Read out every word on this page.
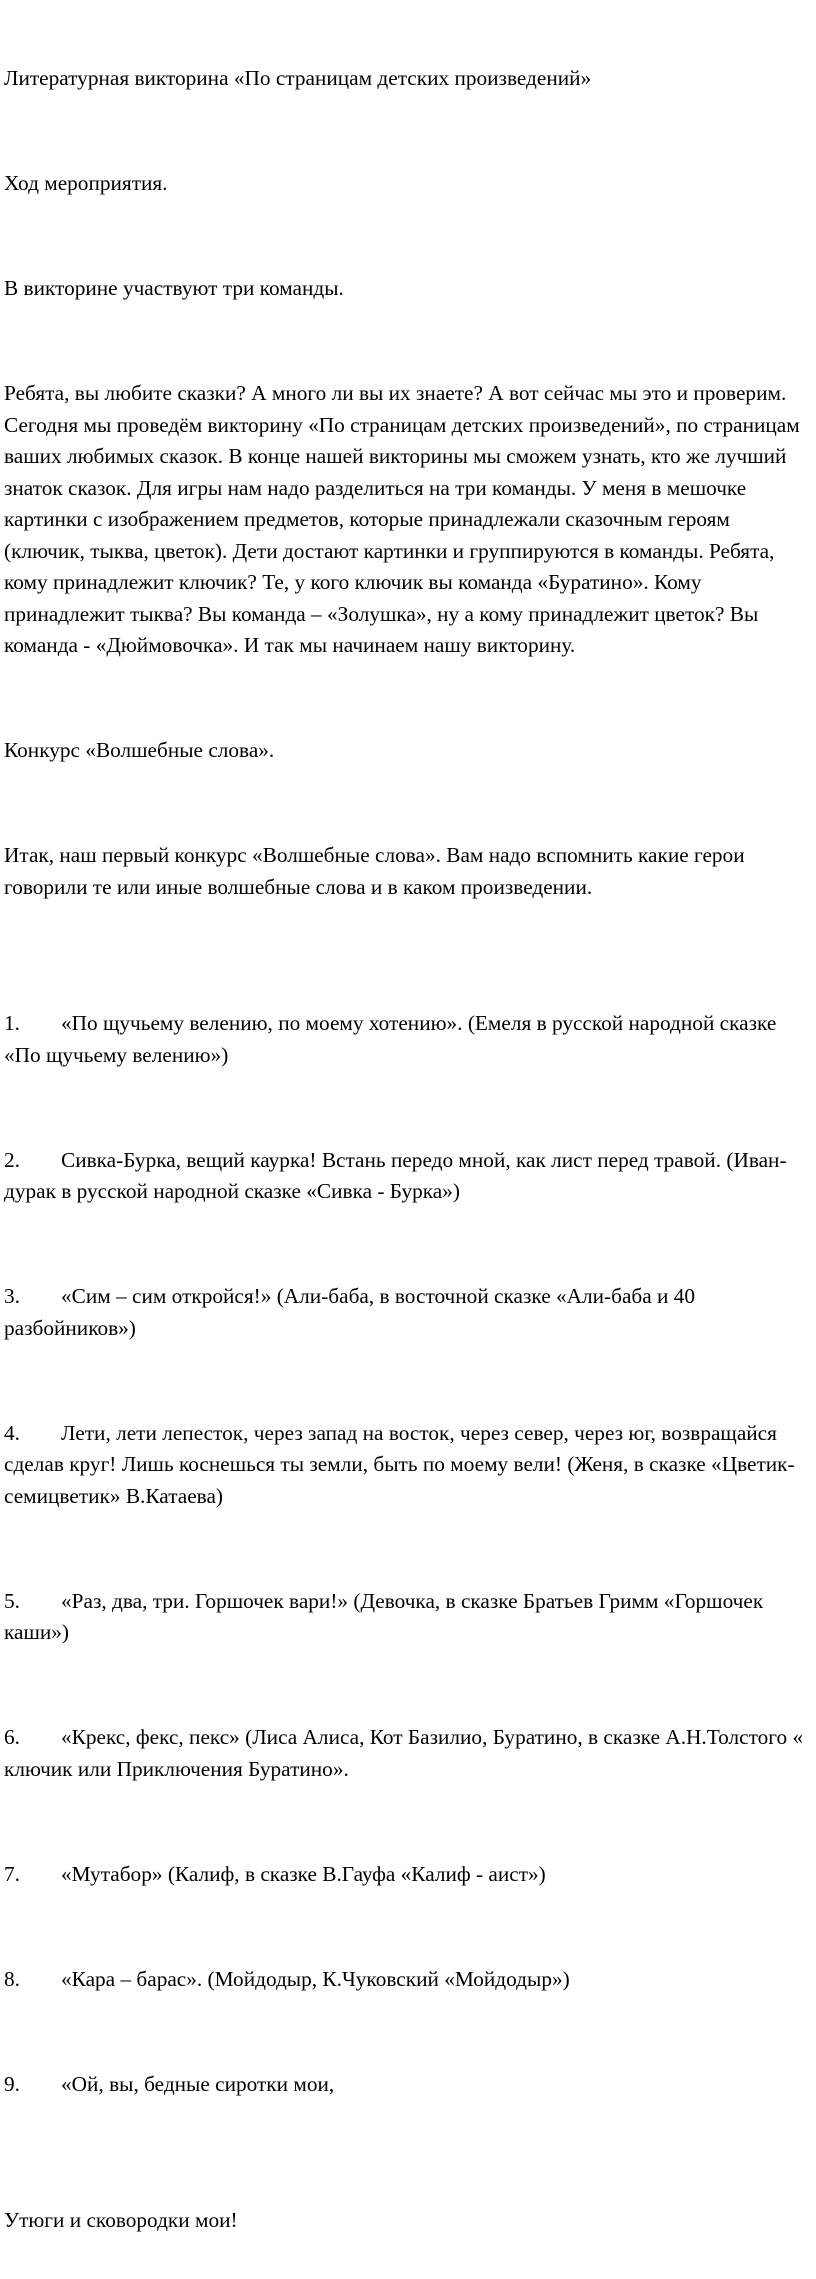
Литературная викторина «По страницам детских произведений»

Ход мероприятия.

В викторине участвуют три команды.

Ребята, вы любите сказки? А много ли вы их знаете? А вот сейчас мы это и проверим. Сегодня мы проведём викторину «По страницам детских произведений», по страницам ваших любимых сказок. В конце нашей викторины мы сможем узнать, кто же лучший знаток сказок. Для игры нам надо разделиться на три команды. У меня в мешочке картинки с изображением предметов, которые принадлежали сказочным героям (ключик, тыква, цветок). Дети достают картинки и группируются в команды. Ребята, кому принадлежит ключик? Те, у кого ключик вы команда «Буратино». Кому принадлежит тыква? Вы команда – «Золушка», ну а кому принадлежит цветок? Вы команда - «Дюймовочка». И так мы начинаем нашу викторину.

Конкурс «Волшебные слова».

Итак, наш первый конкурс «Волшебные слова». Вам надо вспомнить какие герои говорили те или иные волшебные слова и в каком произведении.

1. «По щучьему велению, по моему хотению». (Емеля в русской народной сказке «По щучьему велению»)

2. Сивка-Бурка, вещий каурка! Встань передо мной, как лист перед травой. (Иван-дурак в русской народной сказке «Сивка - Бурка»)

3. «Сим – сим откройся!» (Али-баба, в восточной сказке «Али-баба и 40 разбойников»)

4. Лети, лети лепесток, через запад на восток, через север, через юг, возвращайся сделав круг! Лишь коснешься ты земли, быть по моему вели! (Женя, в сказке «Цветик- семицветик» В.Катаева)

5. «Раз, два, три. Горшочек вари!» (Девочка, в сказке Братьев Гримм «Горшочек каши»)

6. «Крекс, фекс, пекс» (Лиса Алиса, Кот Базилио, Буратино, в сказке А.Н.Толстого « ключик или Приключения Буратино».

7. «Мутабор» (Калиф, в сказке В.Гауфа «Калиф - аист»)

8. «Кара – барас». (Мойдодыр, К.Чуковский «Мойдодыр»)

9. «Ой, вы, бедные сиротки мои,

Утюги и сковородки мои!
